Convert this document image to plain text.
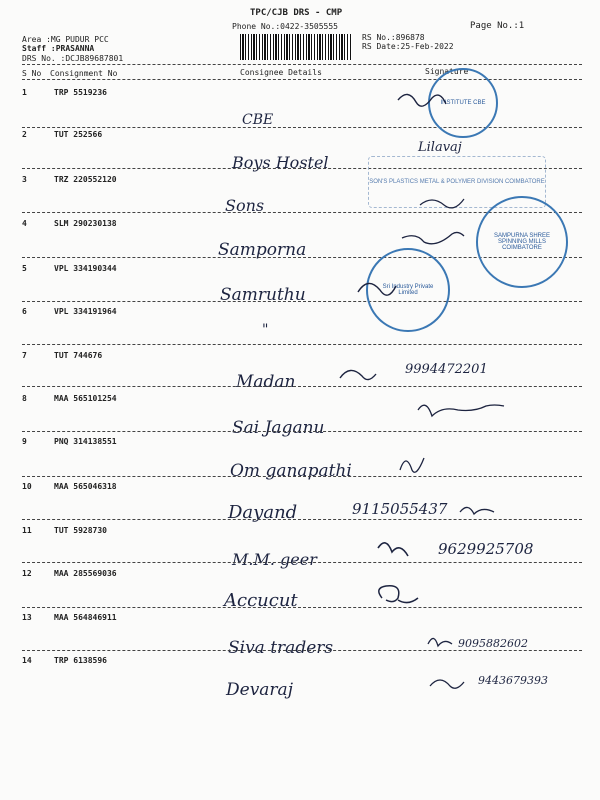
TPC/CJB DRS - CMP
Phone No.:0422-3505555	Page No.:1
Area :MG PUDUR PCC
Staff :PRASANNA
DRS No. :DCJB89687801
RS No.:896878
RS Date:25-Feb-2022
S No Consignment No	Consignee Details	Signature
1	TRP 5519236
CBE
2	TUT 252566
Boys Hostel
Lilavaj
3	TRZ 220552120
Sons
4	SLM 290230138
Samporna
5	VPL 334190344
Samruthu
6	VPL 334191964
"
7	TUT 744676
Madan
9994472201
8	MAA 565101254
Sai Jaganu
9	PNQ 314138551
Om ganapathi
10	MAA 565046318
Dayand	9115055437
11	TUT 5928730
M.M. geer
9629925708
12	MAA 285569036
Accucut
13	MAA 564846911
Siva traders	9095882602
14	TRP 6138596
Devaraj	9443679393
INSTITUTE CBE
SON'S PLASTICS METAL & POLYMER DIVISION COIMBATORE
SAMPURNA SHREE SPINNING MILLS COIMBATORE
Sri Industry Private Limited
